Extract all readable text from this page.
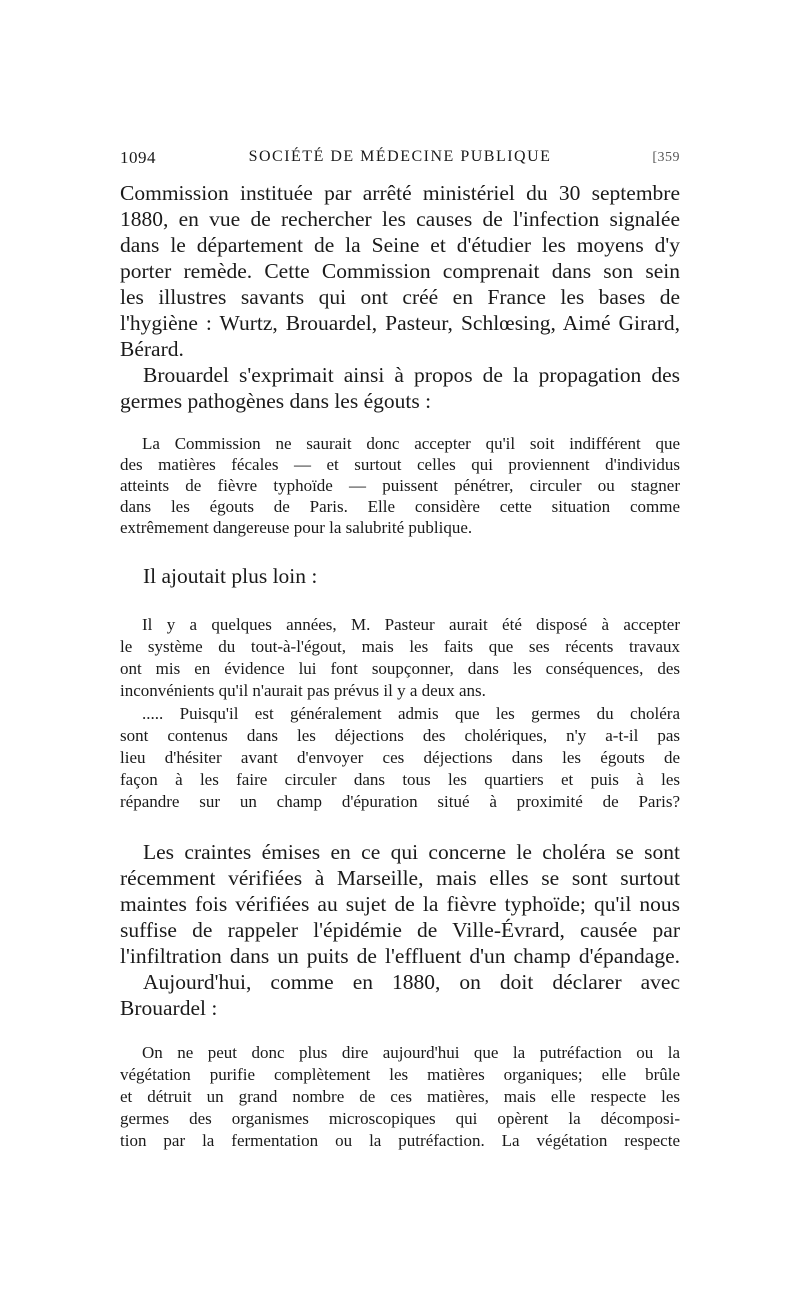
1094	SOCIÉTÉ DE MÉDECINE PUBLIQUE	[359
Commission instituée par arrêté ministériel du 30 septembre
1880, en vue de rechercher les causes de l'infection signalée
dans le département de la Seine et d'étudier les moyens d'y
porter remède. Cette Commission comprenait dans son sein
les illustres savants qui ont créé en France les bases de
l'hygiène : Wurtz, Brouardel, Pasteur, Schlœsing, Aimé Girard,
Bérard.
Brouardel s'exprimait ainsi à propos de la propagation des
germes pathogènes dans les égouts :
La Commission ne saurait donc accepter qu'il soit indifférent que
des matières fécales — et surtout celles qui proviennent d'individus
atteints de fièvre typhoïde — puissent pénétrer, circuler ou stagner
dans les égouts de Paris. Elle considère cette situation comme
extrêmement dangereuse pour la salubrité publique.
Il ajoutait plus loin :
Il y a quelques années, M. Pasteur aurait été disposé à accepter
le système du tout-à-l'égout, mais les faits que ses récents travaux
ont mis en évidence lui font soupçonner, dans les conséquences, des
inconvénients qu'il n'aurait pas prévus il y a deux ans.
..... Puisqu'il est généralement admis que les germes du choléra
sont contenus dans les déjections des cholériques, n'y a-t-il pas
lieu d'hésiter avant d'envoyer ces déjections dans les égouts de
façon à les faire circuler dans tous les quartiers et puis à les
répandre sur un champ d'épuration situé à proximité de Paris?
Les craintes émises en ce qui concerne le choléra se sont
récemment vérifiées à Marseille, mais elles se sont surtout
maintes fois vérifiées au sujet de la fièvre typhoïde; qu'il nous
suffise de rappeler l'épidémie de Ville-Évrard, causée par
l'infiltration dans un puits de l'effluent d'un champ d'épandage.
Aujourd'hui, comme en 1880, on doit déclarer avec
Brouardel :
On ne peut donc plus dire aujourd'hui que la putréfaction ou la
végétation purifie complètement les matières organiques; elle brûle
et détruit un grand nombre de ces matières, mais elle respecte les
germes des organismes microscopiques qui opèrent la décomposi-
tion par la fermentation ou la putréfaction. La végétation respecte
